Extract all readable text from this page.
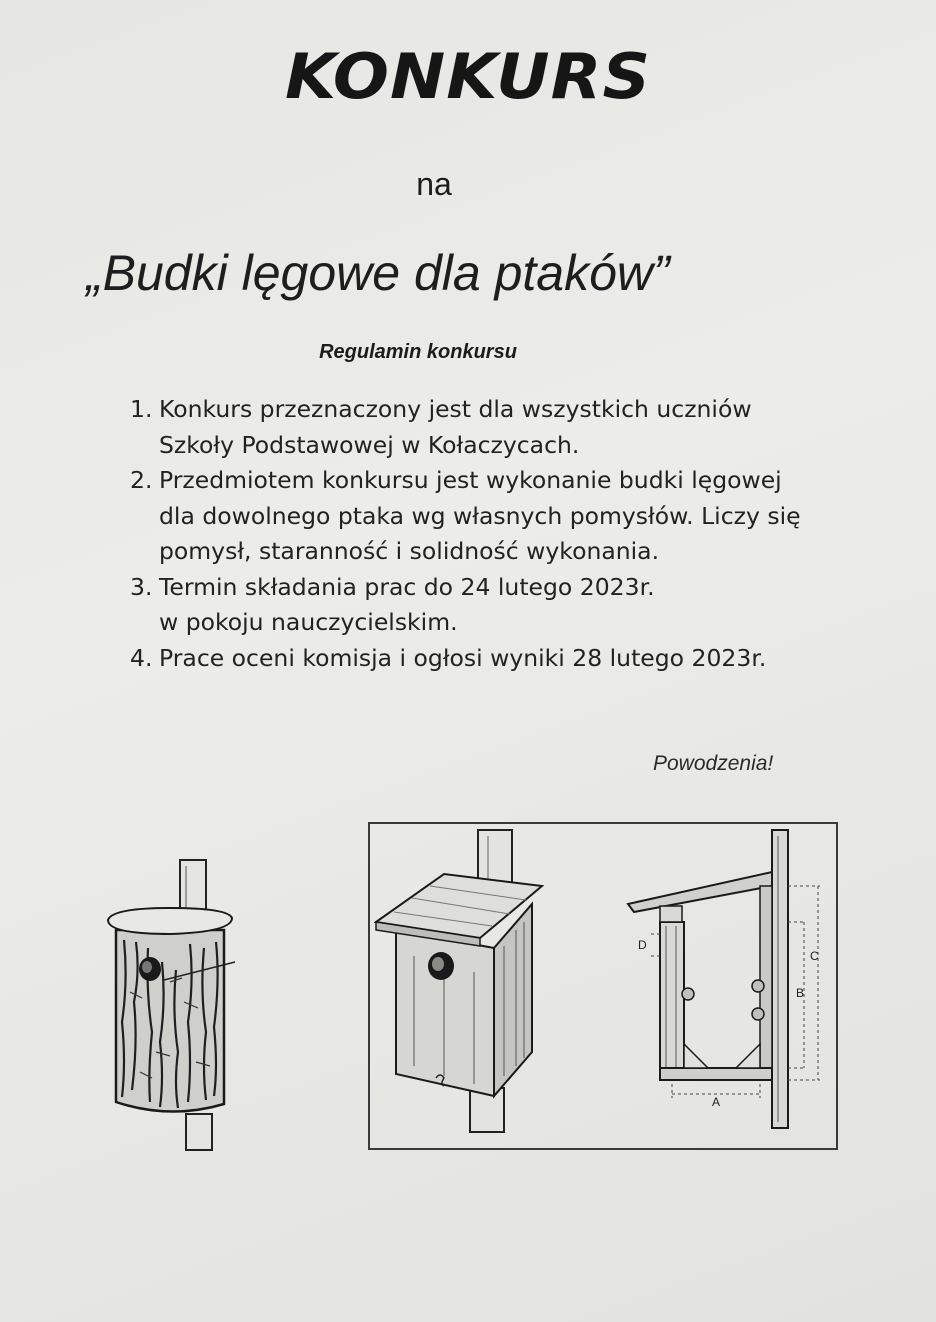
KONKURS
na
„Budki lęgowe dla ptaków”
Regulamin konkursu
1. Konkurs przeznaczony jest dla wszystkich uczniów
Szkoły Podstawowej w Kołaczycach.
2. Przedmiotem konkursu jest wykonanie budki lęgowej
dla dowolnego ptaka wg własnych pomysłów. Liczy się
pomysł, staranność i solidność wykonania.
3. Termin składania prac do 24 lutego 2023r.
w pokoju nauczycielskim.
4. Prace oceni komisja i ogłosi wyniki 28 lutego 2023r.
Powodzenia!
D
C
B
A
